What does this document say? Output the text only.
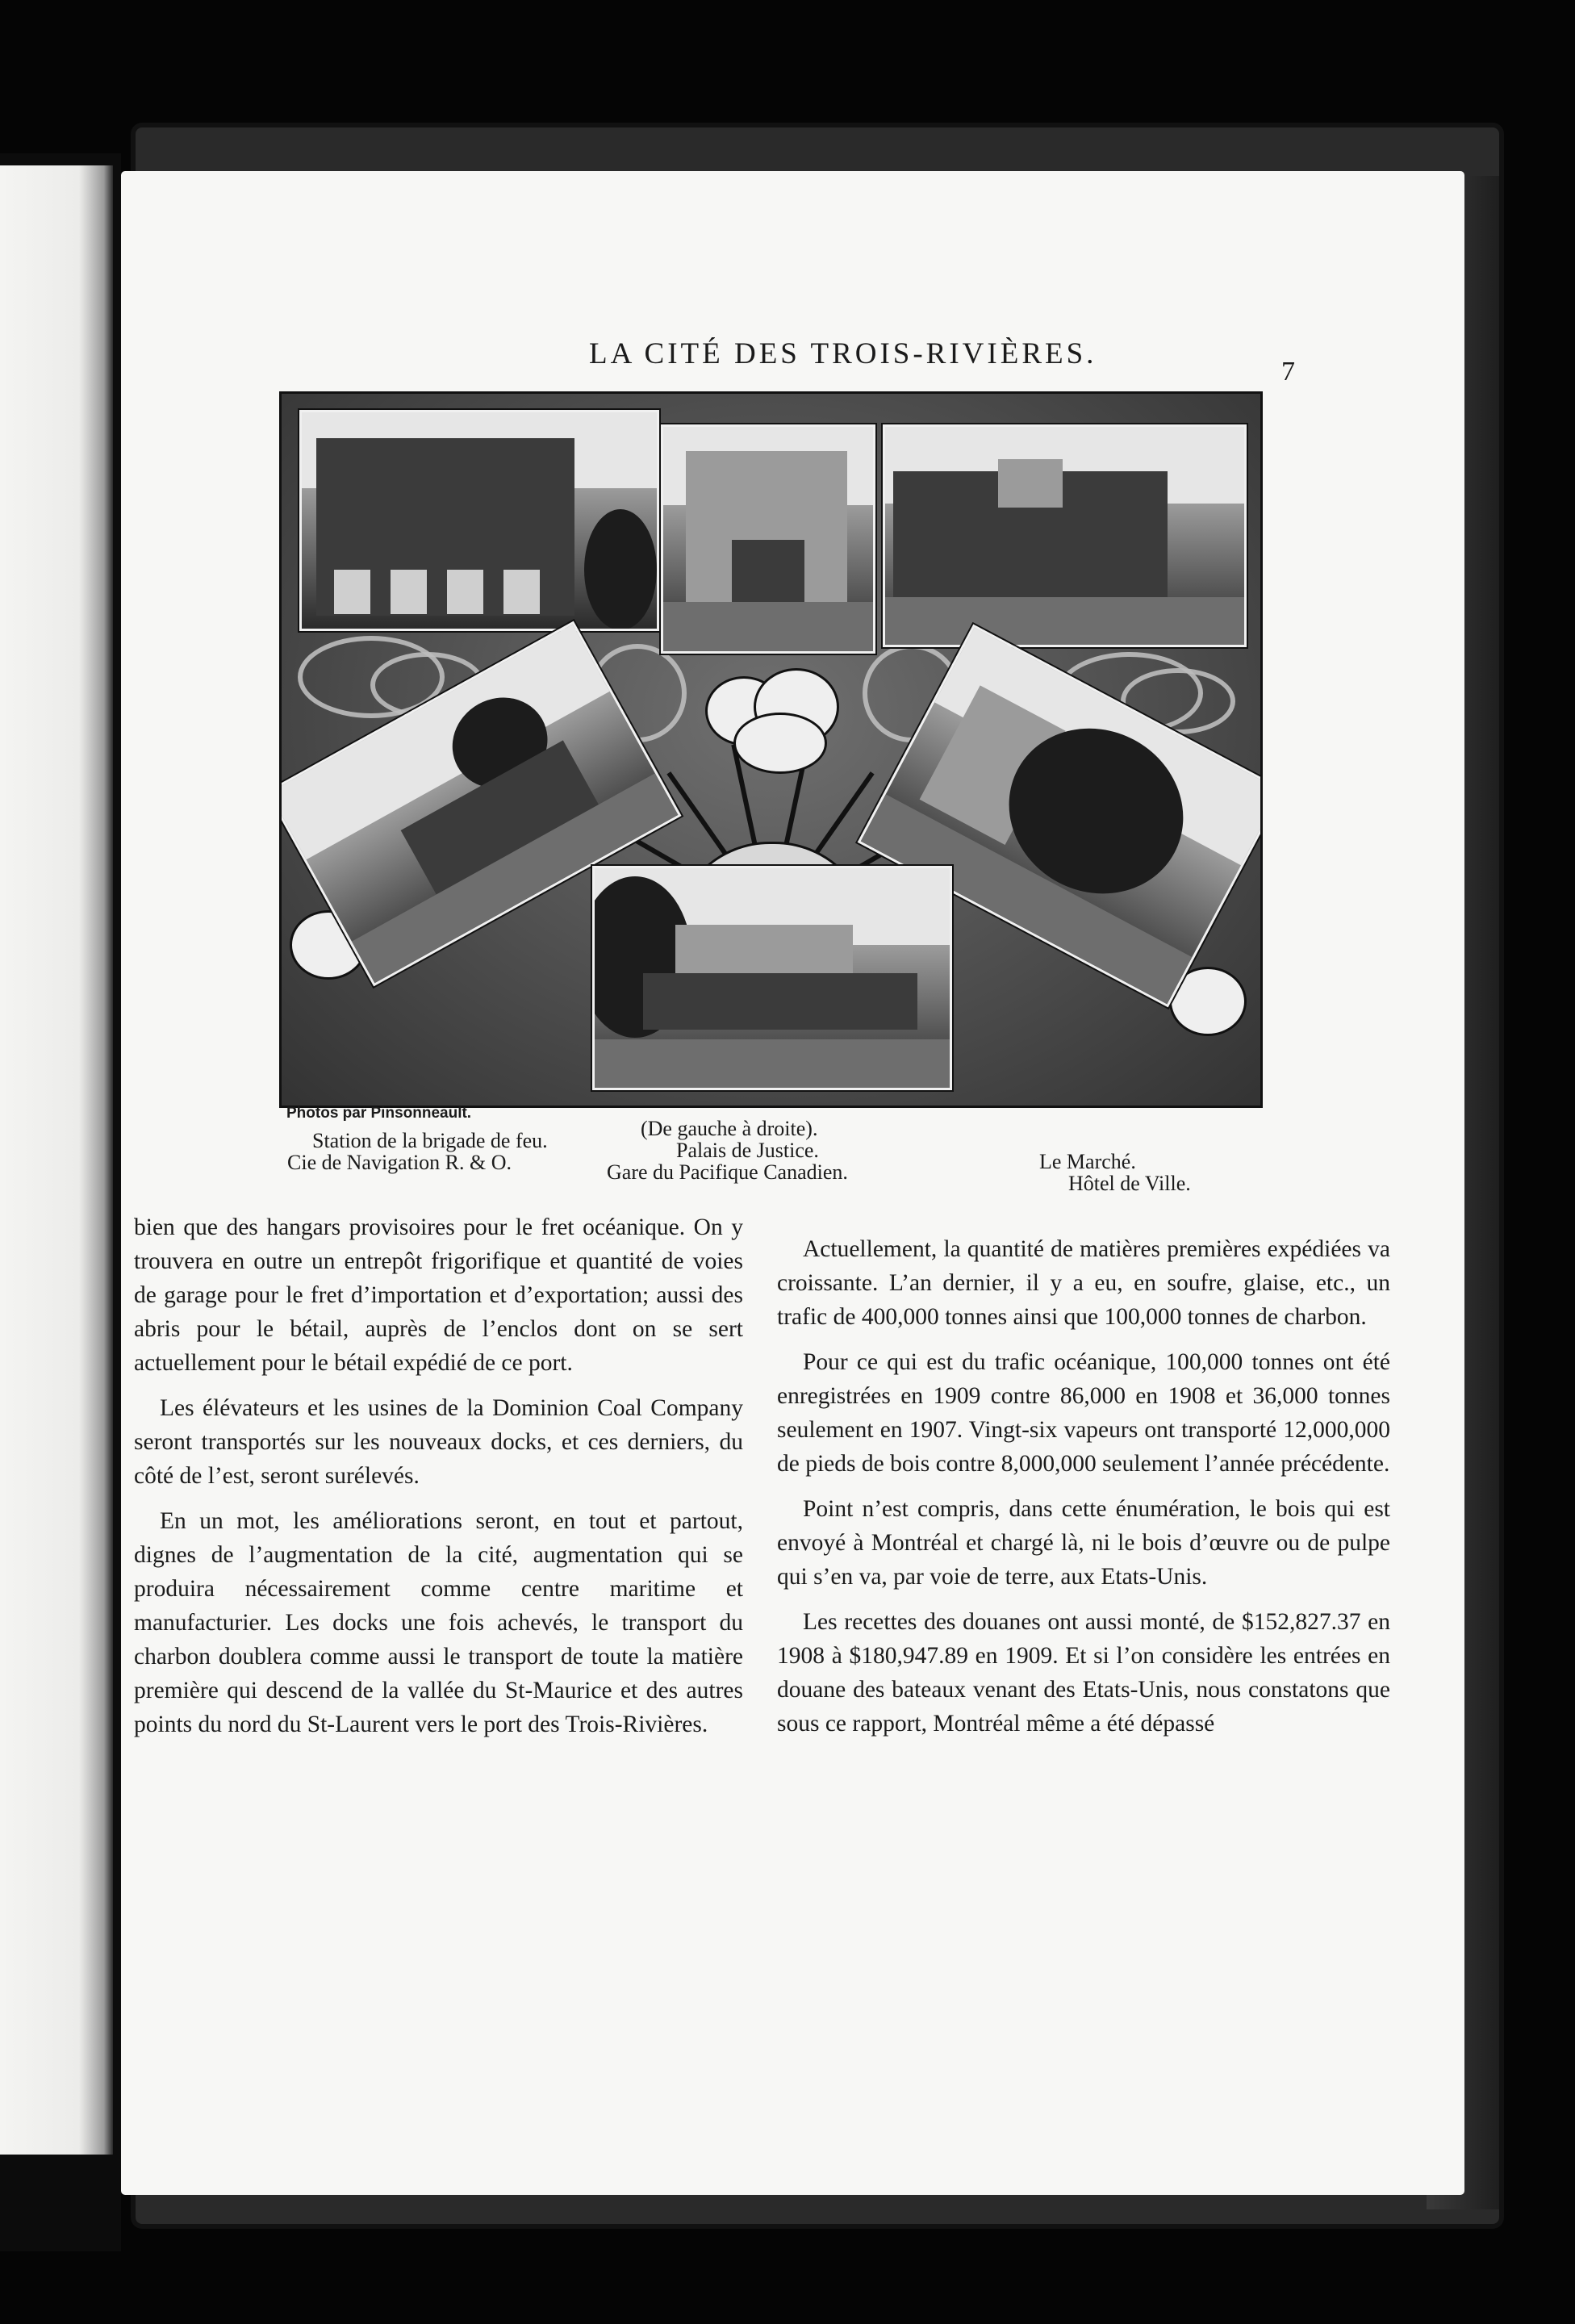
LA CITÉ DES TROIS-RIVIÈRES.
7
Photos par Pinsonneault.
Station de la brigade de feu.
Cie de Navigation R. & O.
(De gauche à droite).
Palais de Justice.
Gare du Pacifique Canadien.	Le Marché.
Hôtel de Ville.

bien que des hangars provisoires pour le fret océanique. On y trouvera en outre un entrepôt frigorifique et quantité de voies de garage pour le fret d’importation et d’exportation; aussi des abris pour le bétail, auprès de l’enclos dont on se sert actuellement pour le bétail expédié de ce port.

Les élévateurs et les usines de la Dominion Coal Company seront transportés sur les nouveaux docks, et ces derniers, du côté de l’est, seront surélevés.

En un mot, les améliorations seront, en tout et partout, dignes de l’augmentation de la cité, augmentation qui se produira nécessairement comme centre maritime et manufacturier. Les docks une fois achevés, le transport du charbon doublera comme aussi le transport de toute la matière première qui descend de la vallée du St-Maurice et des autres points du nord du St-Laurent vers le port des Trois-Rivières.

Actuellement, la quantité de matières premières expédiées va croissante. L’an dernier, il y a eu, en soufre, glaise, etc., un trafic de 400,000 tonnes ainsi que 100,000 tonnes de charbon.

Pour ce qui est du trafic océanique, 100,000 tonnes ont été enregistrées en 1909 contre 86,000 en 1908 et 36,000 tonnes seulement en 1907. Vingt-six vapeurs ont transporté 12,000,000 de pieds de bois contre 8,000,000 seulement l’année précédente.

Point n’est compris, dans cette énumération, le bois qui est envoyé à Montréal et chargé là, ni le bois d’œuvre ou de pulpe qui s’en va, par voie de terre, aux Etats-Unis.

Les recettes des douanes ont aussi monté, de $152,827.37 en 1908 à $180,947.89 en 1909. Et si l’on considère les entrées en douane des bateaux venant des Etats-Unis, nous constatons que sous ce rapport, Montréal même a été dépassé
